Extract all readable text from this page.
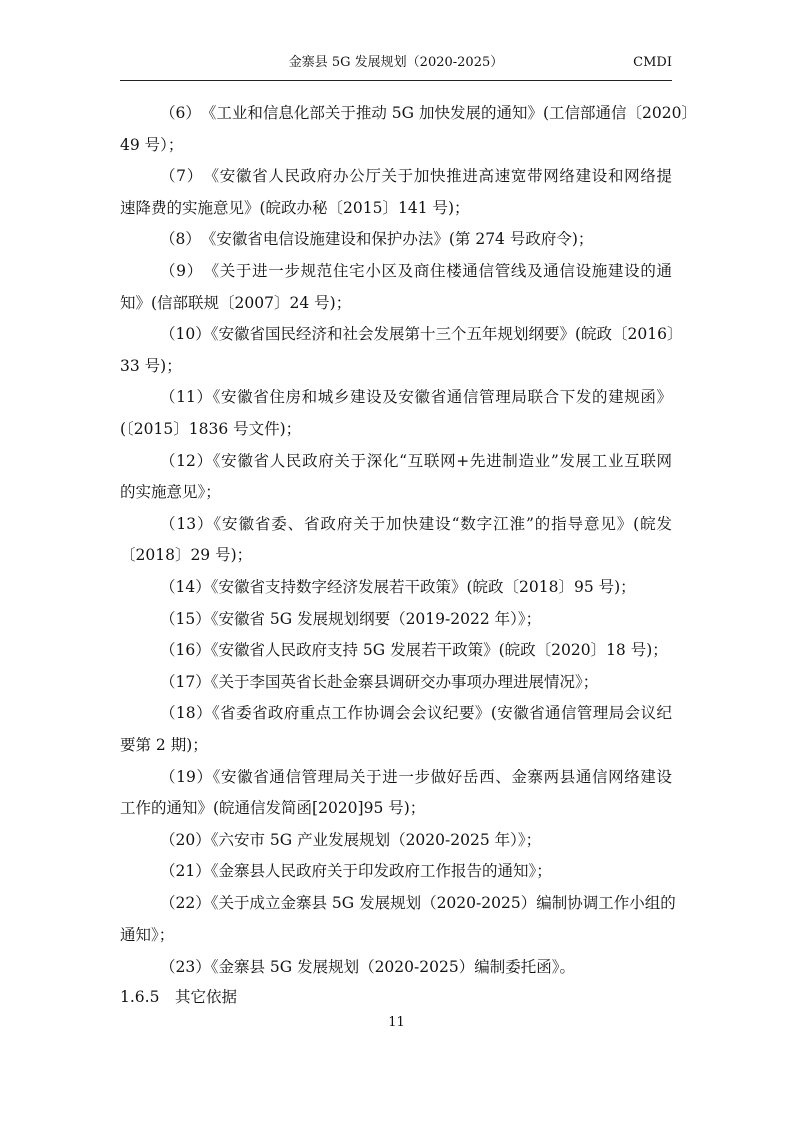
金寨县 5G 发展规划（2020-2025）	CMDI
（6）　《工业和信息化部关于推动 5G 加快发展的通知》(工信部通信〔2020〕
49 号）；
（7）　《安徽省人民政府办公厅关于加快推进高速宽带网络建设和网络提
速降费的实施意见》(皖政办秘〔2015〕141 号)；
（8）　《安徽省电信设施建设和保护办法》(第 274 号政府令)；
（9）　《关于进一步规范住宅小区及商住楼通信管线及通信设施建设的通
知》(信部联规〔2007〕24 号)；
（10）《安徽省国民经济和社会发展第十三个五年规划纲要》(皖政〔2016〕
33 号)；
（11）《安徽省住房和城乡建设及安徽省通信管理局联合下发的建规函》
(〔2015〕1836 号文件)；
（12）《安徽省人民政府关于深化“互联网+先进制造业”发展工业互联网
的实施意见》；
（13）《安徽省委、省政府关于加快建设“数字江淮”的指导意见》(皖发
〔2018〕29 号)；
（14）《安徽省支持数字经济发展若干政策》(皖政〔2018〕95 号)；
（15）《安徽省 5G 发展规划纲要（2019-2022 年）》；
（16）《安徽省人民政府支持 5G 发展若干政策》(皖政〔2020〕18 号)；
（17）《关于李国英省长赴金寨县调研交办事项办理进展情况》；
（18）《省委省政府重点工作协调会会议纪要》(安徽省通信管理局会议纪
要第 2 期)；
（19）《安徽省通信管理局关于进一步做好岳西、金寨两县通信网络建设
工作的通知》(皖通信发简函[2020]95 号)；
（20）《六安市 5G 产业发展规划（2020-2025 年）》；
（21）《金寨县人民政府关于印发政府工作报告的通知》；
（22）《关于成立金寨县 5G 发展规划（2020-2025）编制协调工作小组的
通知》；
（23）《金寨县 5G 发展规划（2020-2025）编制委托函》。
1.6.5　其它依据
11
